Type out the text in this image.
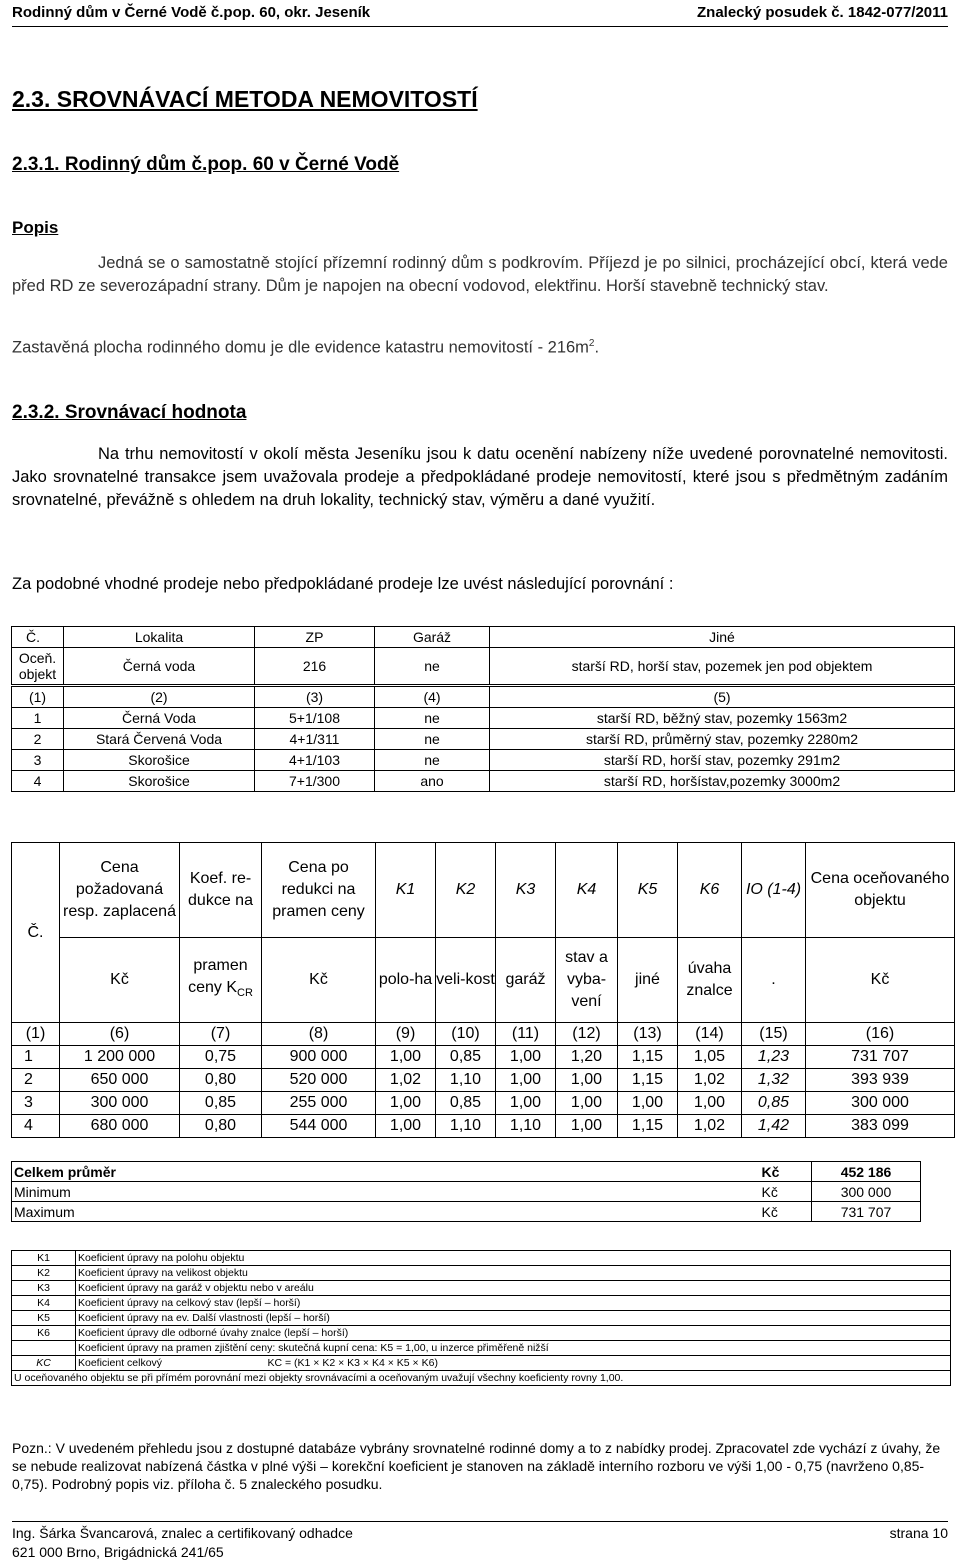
Rodinný dům v Černé Vodě č.pop. 60, okr. Jeseník	Znalecký posudek č. 1842-077/2011
2.3. SROVNÁVACÍ METODA NEMOVITOSTÍ
2.3.1. Rodinný dům č.pop. 60 v Černé Vodě
Popis
Jedná se o samostatně stojící přízemní rodinný dům s podkrovím. Příjezd je po silnici, procházející obcí, která vede před RD ze severozápadní strany. Dům je napojen na obecní vodovod, elektřinu. Horší stavebně technický stav.
Zastavěná plocha rodinného domu je dle evidence katastru nemovitostí - $216m^2$.
2.3.2. Srovnávací hodnota
Na trhu nemovitostí v okolí města Jeseníku jsou k datu ocenění nabízeny níže uvedené porovnatelné nemovitosti. Jako srovnatelné transakce jsem uvažovala prodeje a předpokládané prodeje nemovitostí, které jsou s předmětným zadáním srovnatelné, převážně s ohledem na druh lokality, technický stav, výměru a dané využití.
Za podobné vhodné prodeje nebo předpokládané prodeje lze uvést následující porovnání :
Č.	Lokalita	ZP	Garáž	Jiné
Oceň. objekt	Černá voda	216	ne	starší RD, horší stav, pozemek jen pod objektem
(1)	(2)	(3)	(4)	(5)
1	Černá Voda	5+1/108	ne	starší RD, běžný stav, pozemky 1563m2
2	Stará Červená Voda	4+1/311	ne	starší RD, průměrný stav, pozemky 2280m2
3	Skorošice	4+1/103	ne	starší RD, horší stav, pozemky 291m2
4	Skorošice	7+1/300	ano	starší RD, horšístav,pozemky 3000m2
Č.	Cena požadovaná resp. zaplacená	Koef. re-dukce na	Cena po redukci na pramen ceny	K1	K2	K3	K4	K5	K6	IO (1-4)	Cena oceňovaného objektu
	Kč	pramen ceny $K_{CR}$	Kč	polo-ha	veli-kost	garáž	stav a vyba-vení	jiné	úvaha znalce	.	Kč
(1)	(6)	(7)	(8)	(9)	(10)	(11)	(12)	(13)	(14)	(15)	(16)
1	1 200 000	0,75	900 000	1,00	0,85	1,00	1,20	1,15	1,05	1,23	731 707
2	650 000	0,80	520 000	1,02	1,10	1,00	1,00	1,15	1,02	1,32	393 939
3	300 000	0,85	255 000	1,00	0,85	1,00	1,00	1,00	1,00	0,85	300 000
4	680 000	0,80	544 000	1,00	1,10	1,10	1,00	1,15	1,02	1,42	383 099
Celkem průměr	Kč	452 186
Minimum	Kč	300 000
Maximum	Kč	731 707
K1	Koeficient úpravy na polohu objektu	
K2	Koeficient úpravy na velikost objektu	
K3	Koeficient úpravy na garáž v objektu nebo v areálu	
K4	Koeficient úpravy na celkový stav (lepší – horší)	
K5	Koeficient úpravy na ev. Další vlastnosti (lepší – horší)	
K6	Koeficient úpravy dle odborné úvahy znalce (lepší – horší)	
	Koeficient úpravy na pramen zjištění ceny: skutečná kupní cena: K5 = 1,00, u inzerce přiměřeně nižší	
KC	Koeficient celkový	KC = (K1 × K2 × K3 × K4 × K5 × K6)
U oceňovaného objektu se při přímém porovnání mezi objekty srovnávacími a oceňovaným uvažují všechny koeficienty rovny 1,00.		
Pozn.: V uvedeném přehledu jsou z dostupné databáze vybrány srovnatelné rodinné domy a to z nabídky prodej. Zpracovatel zde vychází z úvahy, že se nebude realizovat nabízená částka v plné výši – korekční koeficient je stanoven na základě interního rozboru ve výši 1,00 - 0,75 (navrženo 0,85-0,75). Podrobný popis viz. příloha č. 5 znaleckého posudku.
Ing. Šárka Švancarová, znalec a certifikovaný odhadce	strana 10
621 000 Brno, Brigádnická 241/65
